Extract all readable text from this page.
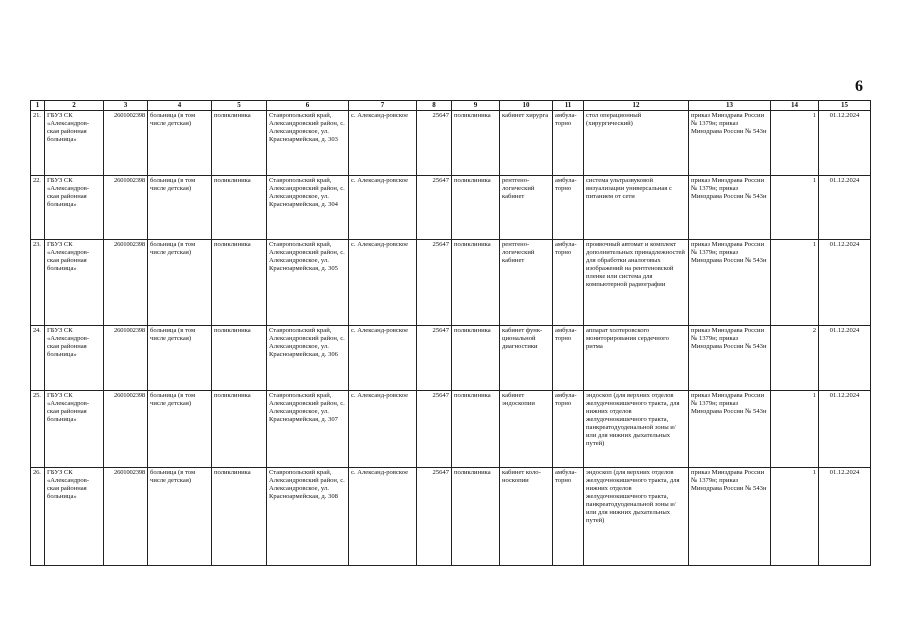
6
1	2	3	4	5	6	7	8	9	10	11	12	13	14	15
21.	ГБУЗ СК «Александров-ская районная больница»	2601002398	больница (в том числе детская)	поликлиника	Ставропольский край, Александровский район, с. Александровское, ул. Красноармейская, д. 303	с. Александ-ровское	25647	поликлиника	кабинет хирурга	амбула-торно	стол операционный (хирургический)	приказ Минздрава России № 1379н; приказ Минздрава России № 543н	1	01.12.2024

22.	ГБУЗ СК «Александров-ская районная больница»	2601002398	больница (в том числе детская)	поликлиника	Ставропольский край, Александровский район, с. Александровское, ул. Красноармейская, д. 304	с. Александ-ровское	25647	поликлиника	рентгено-логический кабинет	амбула-торно	система ультразвуковой визуализации универсальная с питанием от сети	приказ Минздрава России № 1379н; приказ Минздрава России № 543н	1	01.12.2024

23.	ГБУЗ СК «Александров-ская районная больница»	2601002398	больница (в том числе детская)	поликлиника	Ставропольский край, Александровский район, с. Александровское, ул. Красноармейская, д. 305	с. Александ-ровское	25647	поликлиника	рентгено-логический кабинет	амбула-торно	проявочный автомат и комплект дополнительных принадлежностей для обработки аналоговых изображений на рентгеновской пленке или система для компьютерной радиографии	приказ Минздрава России № 1379н; приказ Минздрава России № 543н	1	01.12.2024

24.	ГБУЗ СК «Александров-ская районная больница»	2601002398	больница (в том числе детская)	поликлиника	Ставропольский край, Александровский район, с. Александровское, ул. Красноармейская, д. 306	с. Александ-ровское	25647	поликлиника	кабинет функ-циональной диагностики	амбула-торно	аппарат холтеровского мониторирования сердечного ритма	приказ Минздрава России № 1379н; приказ Минздрава России № 543н	2	01.12.2024

25.	ГБУЗ СК «Александров-ская районная больница»	2601002398	больница (в том числе детская)	поликлиника	Ставропольский край, Александровский район, с. Александровское, ул. Красноармейская, д. 307	с. Александ-ровское	25647	поликлиника	кабинет эндоскопии	амбула-торно	эндоскоп (для верхних отделов желудочнокишечного тракта, для нижних отделов желудочнокишечного тракта, панкреатодуоденальной зоны и/или для нижних дыхательных путей)	приказ Минздрава России № 1379н; приказ Минздрава России № 543н	1	01.12.2024

26.	ГБУЗ СК «Александров-ская районная больница»	2601002398	больница (в том числе детская)	поликлиника	Ставропольский край, Александровский район, с. Александровское, ул. Красноармейская, д. 308	с. Александ-ровское	25647	поликлиника	кабинет коло-носкопии	амбула-торно	эндоскоп (для верхних отделов желудочнокишечного тракта, для нижних отделов желудочнокишечного тракта, панкреатодуоденальной зоны и/или для нижних дыхательных путей)	приказ Минздрава России № 1379н; приказ Минздрава России № 543н	1	01.12.2024
